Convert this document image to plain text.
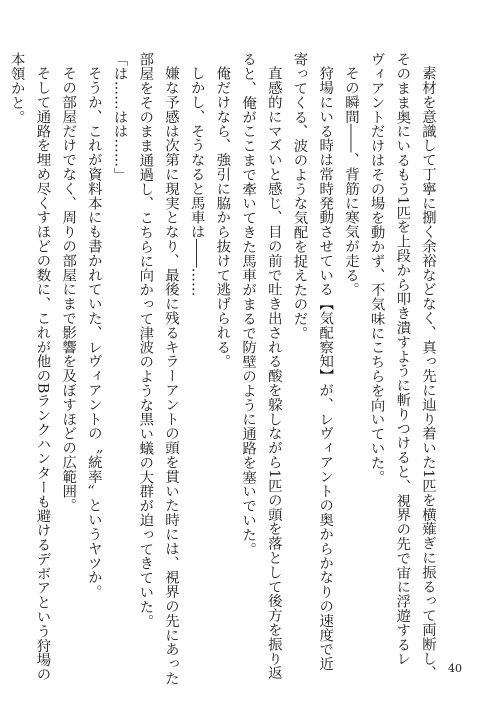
素材を意識して丁寧に捌く余裕などなく、真っ先に辿り着いた1匹を横薙ぎに振るって両断し、
そのまま奥にいるもう1匹を上段から叩き潰すように斬りつけると、視界の先で宙に浮遊するレ
ヴィアントだけはその場を動かず、不気味にこちらを向いていた。
その瞬間――、背筋に寒気が走る。
狩場にいる時は常時発動させている【気配察知】が、レヴィアントの奥からかなりの速度で近
寄ってくる、波のような気配を捉えたのだ。
直感的にマズいと感じ、目の前で吐き出される酸を躱しながら1匹の頭を落として後方を振り返
ると、俺がここまで牽いてきた馬車がまるで防壁のように通路を塞いでいた。
俺だけなら、強引に脇から抜けて逃げられる。
しかし、そうなると馬車は――……
嫌な予感は次第に現実となり、最後に残るキラーアントの頭を貫いた時には、視界の先にあった
部屋をそのまま通過し、こちらに向かって津波のような黒い蟻の大群が迫ってきていた。
「は……はは……」
そうか、これが資料本にも書かれていた、レヴィアントの〝統率〟というヤツか。
その部屋だけでなく、周りの部屋にまで影響を及ぼすほどの広範囲。
そして通路を埋め尽くすほどの数に、これが他のBランクハンターも避けるデボアという狩場の
本領かと。
40
